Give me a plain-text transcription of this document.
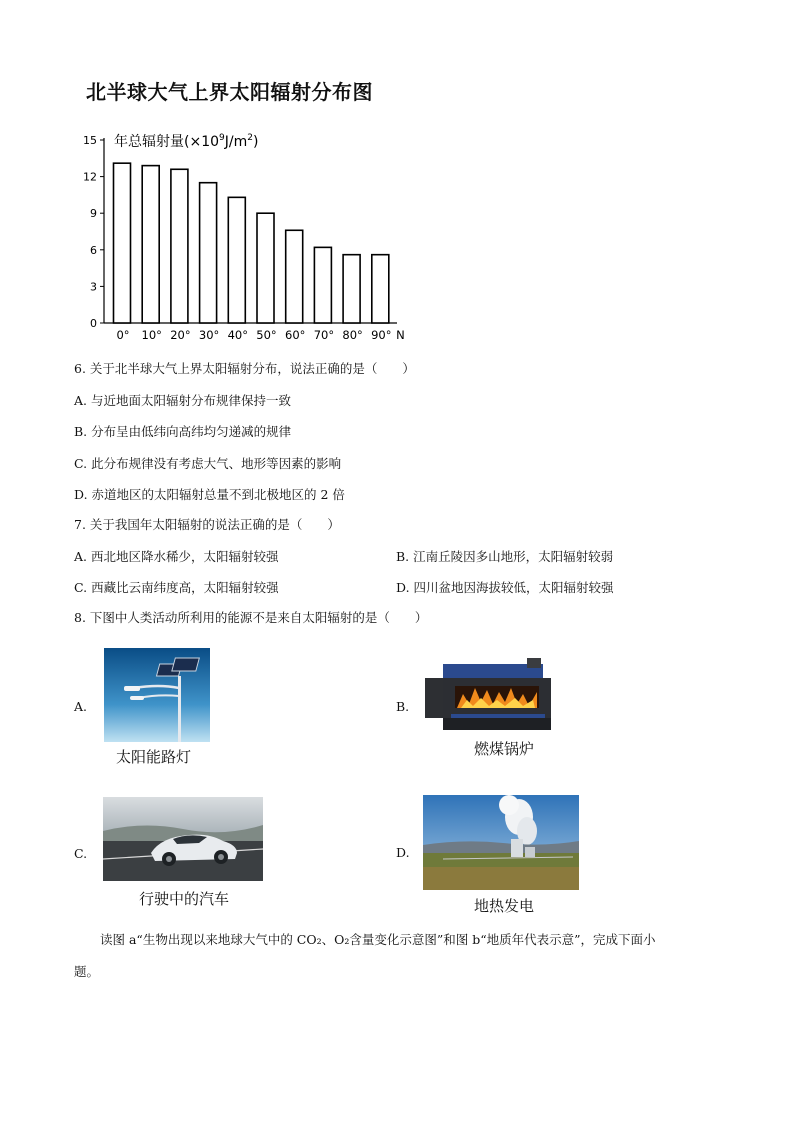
北半球大气上界太阳辐射分布图
0
3
6
9
12
15 年总辐射量$(\times 10^9J/m^2)$
0° 10° 20° 30° 40° 50° 60° 70° 80° 90° N
6. 关于北半球大气上界太阳辐射分布，说法正确的是（　　）
A. 与近地面太阳辐射分布规律保持一致
B. 分布呈由低纬向高纬均匀递减的规律
C. 此分布规律没有考虑大气、地形等因素的影响
D. 赤道地区的太阳辐射总量不到北极地区的 2 倍
7. 关于我国年太阳辐射的说法正确的是（　　）
A. 西北地区降水稀少，太阳辐射较强	B. 江南丘陵因多山地形，太阳辐射较弱
C. 西藏比云南纬度高，太阳辐射较强	D. 四川盆地因海拔较低，太阳辐射较强
8. 下图中人类活动所利用的能源不是来自太阳辐射的是（　　）
A.
太阳能路灯
B.
燃煤锅炉
C.
行驶中的汽车
D.
地热发电
读图 a“生物出现以来地球大气中的 CO₂、O₂含量变化示意图”和图 b“地质年代表示意”，完成下面小
题。
